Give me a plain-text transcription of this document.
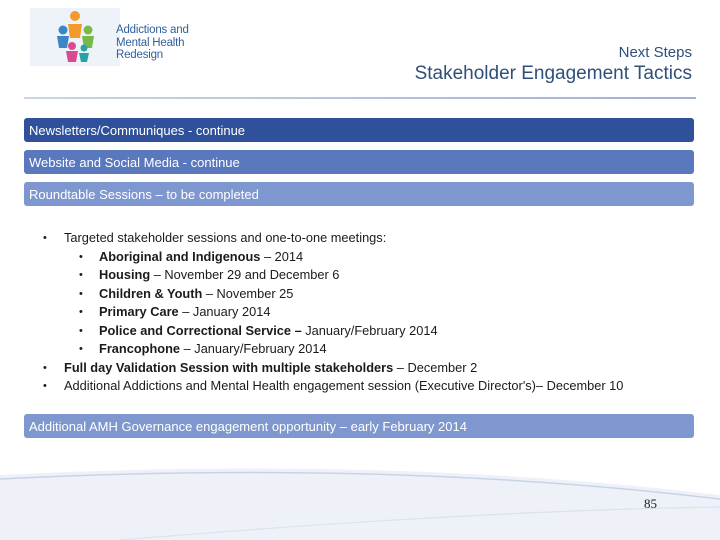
Addictions and
Mental Health
Redesign	Next Steps
Stakeholder Engagement Tactics
Newsletters/Communiques - continue
Website and Social Media - continue
Roundtable Sessions – to be completed
• Targeted stakeholder sessions and one-to-one meetings:
• Aboriginal and Indigenous – 2014
• Housing – November 29 and December 6
• Children & Youth – November 25
• Primary Care – January 2014
• Police and Correctional Service – January/February 2014
• Francophone – January/February 2014
• Full day Validation Session with multiple stakeholders – December 2
• Additional Addictions and Mental Health engagement session (Executive Director's)– December 10
Additional AMH Governance engagement opportunity – early February 2014
85
